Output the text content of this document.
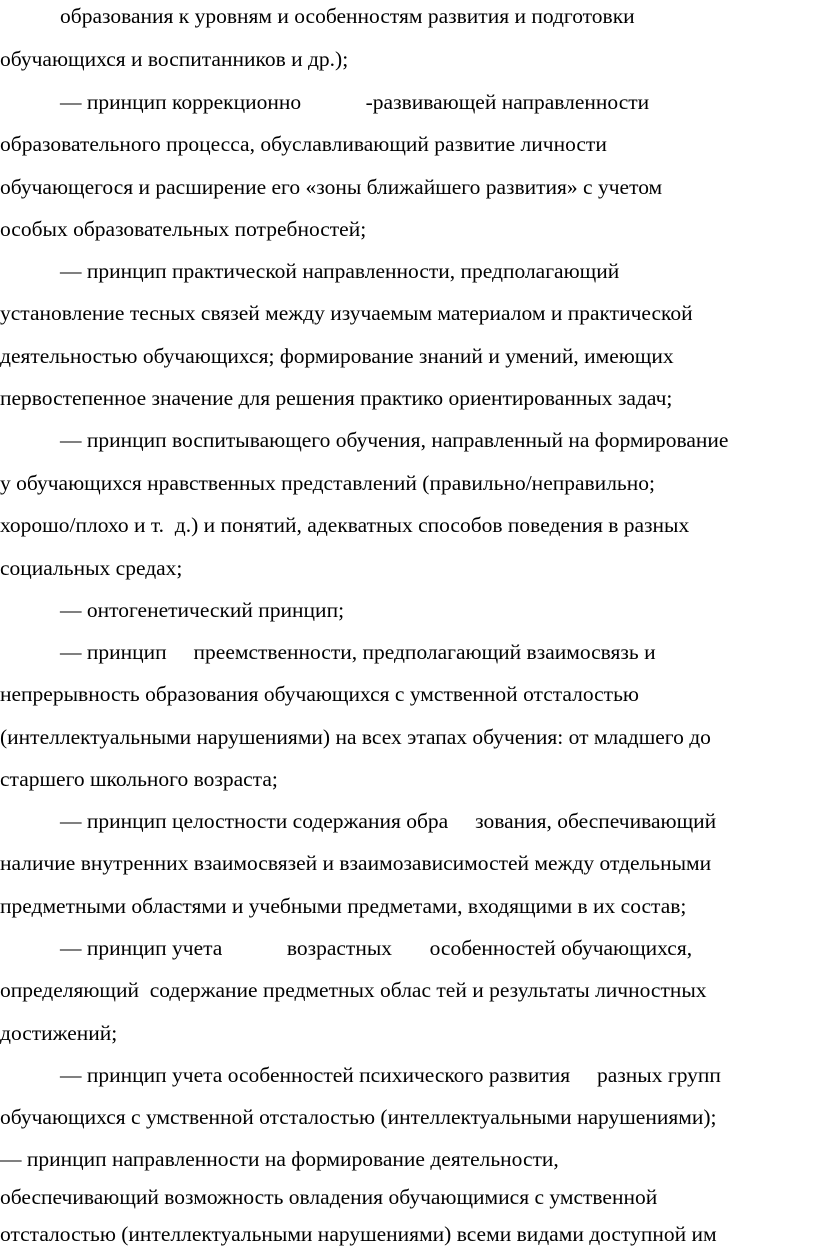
образования к уровням и особенностям развития и подготовки
обучающихся и воспитанников и др.);
— принцип коррекционно            -развивающей направленности
образовательного процесса, обуславливающий развитие личности
обучающегося и расширение его «зоны ближайшего развития» с учетом
особых образовательных потребностей;
— принцип практической направленности, предполагающий
установление тесных связей между изучаемым материалом и практической
деятельностью обучающихся; формирование знаний и умений, имеющих
первостепенное значение для решения практико ориентированных задач;
— принцип воспитывающего обучения, направленный на формирование
у обучающихся нравственных представлений (правильно/неправильно;
хорошо/плохо и т.  д.) и понятий, адекватных способов поведения в разных
социальных средах;
— онтогенетический принцип;
— принцип     преемственности, предполагающий взаимосвязь и
непрерывность образования обучающихся с умственной отсталостью
(интеллектуальными нарушениями) на всех этапах обучения: от младшего до
старшего школьного возраста;
— принцип целостности содержания обра     зования, обеспечивающий
наличие внутренних взаимосвязей и взаимозависимостей между отдельными
предметными областями и учебными предметами, входящими в их состав;
— принцип учета            возрастных       особенностей обучающихся,
определяющий  содержание предметных облас тей и результаты личностных
достижений;
— принцип учета особенностей психического развития     разных групп
обучающихся с умственной отсталостью (интеллектуальными нарушениями);
— принцип направленности на формирование деятельности,
обеспечивающий возможность овладения обучающимися с умственной
отсталостью (интеллектуальными нарушениями) всеми видами доступной им
